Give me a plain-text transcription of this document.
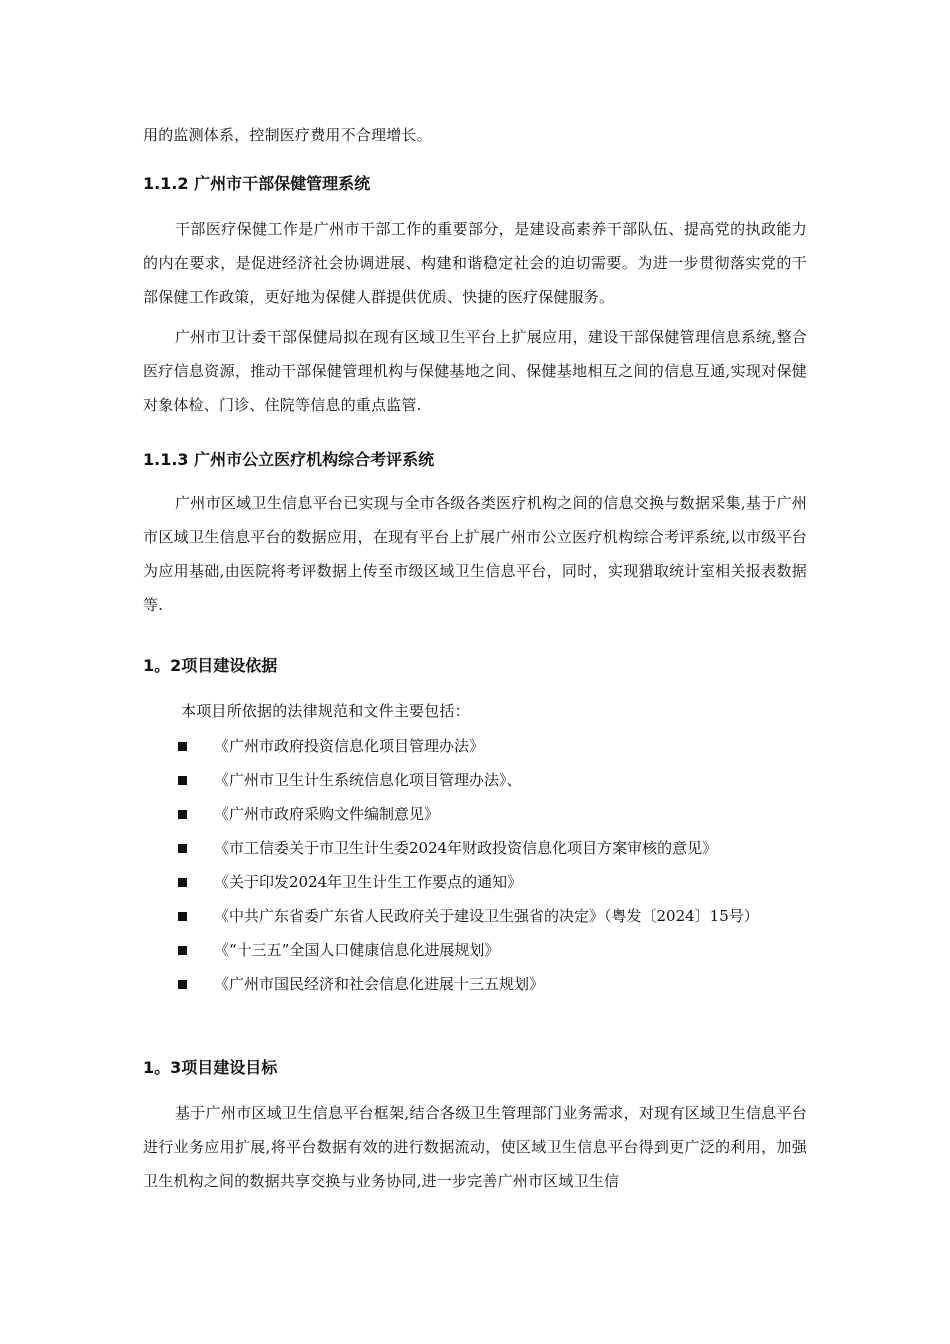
用的监测体系，控制医疗费用不合理增长。

1.1.2 广州市干部保健管理系统

干部医疗保健工作是广州市干部工作的重要部分，是建设高素养干部队伍、提高党的执政能力的内在要求，是促进经济社会协调进展、构建和谐稳定社会的迫切需要。为进一步贯彻落实党的干部保健工作政策，更好地为保健人群提供优质、快捷的医疗保健服务。

广州市卫计委干部保健局拟在现有区域卫生平台上扩展应用，建设干部保健管理信息系统,整合医疗信息资源，推动干部保健管理机构与保健基地之间、保健基地相互之间的信息互通,实现对保健对象体检、门诊、住院等信息的重点监管.

1.1.3 广州市公立医疗机构综合考评系统

广州市区域卫生信息平台已实现与全市各级各类医疗机构之间的信息交换与数据采集,基于广州市区域卫生信息平台的数据应用，在现有平台上扩展广州市公立医疗机构综合考评系统,以市级平台为应用基础,由医院将考评数据上传至市级区域卫生信息平台，同时，实现猎取统计室相关报表数据等.

1。2项目建设依据

本项目所依据的法律规范和文件主要包括：

《广州市政府投资信息化项目管理办法》
《广州市卫生计生系统信息化项目管理办法》、
《广州市政府采购文件编制意见》
《市工信委关于市卫生计生委2024年财政投资信息化项目方案审核的意见》
《关于印发2024年卫生计生工作要点的通知》
《中共广东省委广东省人民政府关于建设卫生强省的决定》（粤发〔2024〕15号）
《“十三五”全国人口健康信息化进展规划》
《广州市国民经济和社会信息化进展十三五规划》
1。3项目建设目标

基于广州市区域卫生信息平台框架,结合各级卫生管理部门业务需求，对现有区域卫生信息平台进行业务应用扩展,将平台数据有效的进行数据流动，使区域卫生信息平台得到更广泛的利用，加强卫生机构之间的数据共享交换与业务协同,进一步完善广州市区域卫生信
